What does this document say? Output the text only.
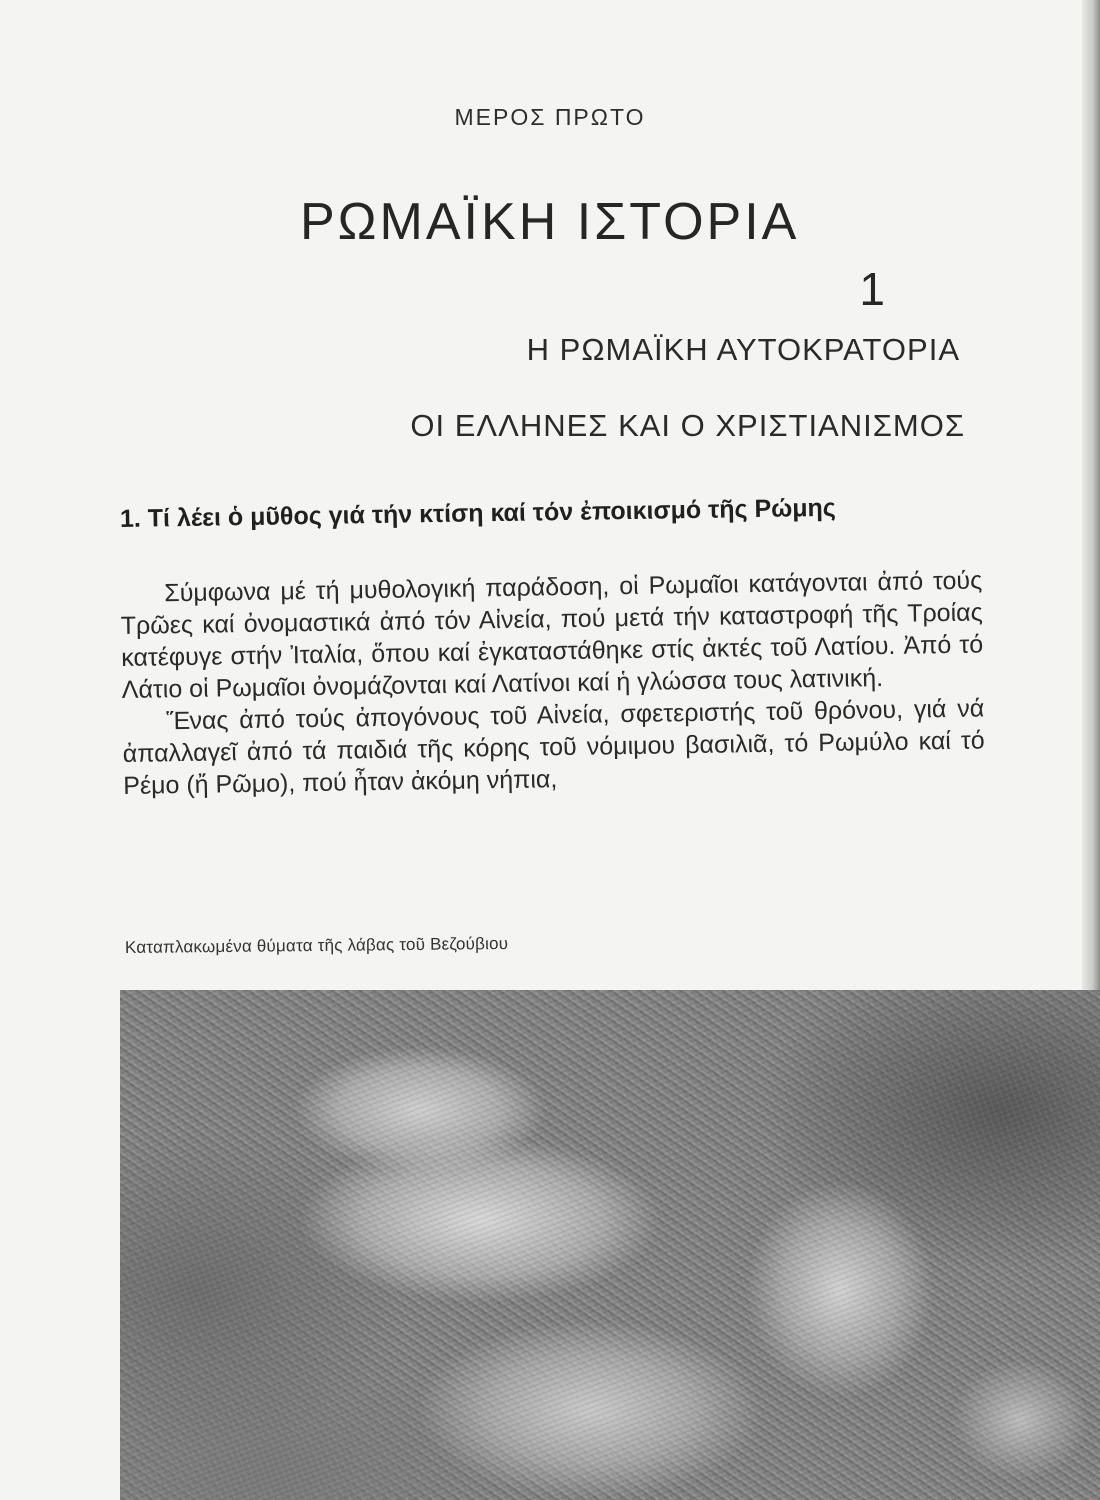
ΜΕΡΟΣ ΠΡΩΤΟ
ΡΩΜΑΪΚΗ ΙΣΤΟΡΙΑ
1
Η ΡΩΜΑΪΚΗ ΑΥΤΟΚΡΑΤΟΡΙΑ
ΟΙ ΕΛΛΗΝΕΣ ΚΑΙ Ο ΧΡΙΣΤΙΑΝΙΣΜΟΣ
1. Τί λέει ὁ μῦθος γιά τήν κτίση καί τόν ἐποικισμό τῆς Ρώμης

Σύμφωνα μέ τή μυθολογική παράδοση, οἱ Ρωμαῖοι κατάγονται ἀπό τούς Τρῶες καί ὀνομαστικά ἀπό τόν Αἰνεία, πού μετά τήν καταστροφή τῆς Τροίας κατέφυγε στήν Ἰταλία, ὅπου καί ἐγκαταστάθηκε στίς ἀκτές τοῦ Λατίου. Ἀπό τό Λάτιο οἱ Ρωμαῖοι ὀνομάζονται καί Λατίνοι καί ἡ γλώσσα τους λατινική.

Ἕνας ἀπό τούς ἀπογόνους τοῦ Αἰνεία, σφετεριστής τοῦ θρόνου, γιά νά ἀπαλλαγεῖ ἀπό τά παιδιά τῆς κόρης τοῦ νόμιμου βασιλιᾶ, τό Ρωμύλο καί τό Ρέμο (ἤ Ρῶμο), πού ἦταν ἀκόμη νήπια,

Καταπλακωμένα θύματα τῆς λάβας τοῦ Βεζούβιου
